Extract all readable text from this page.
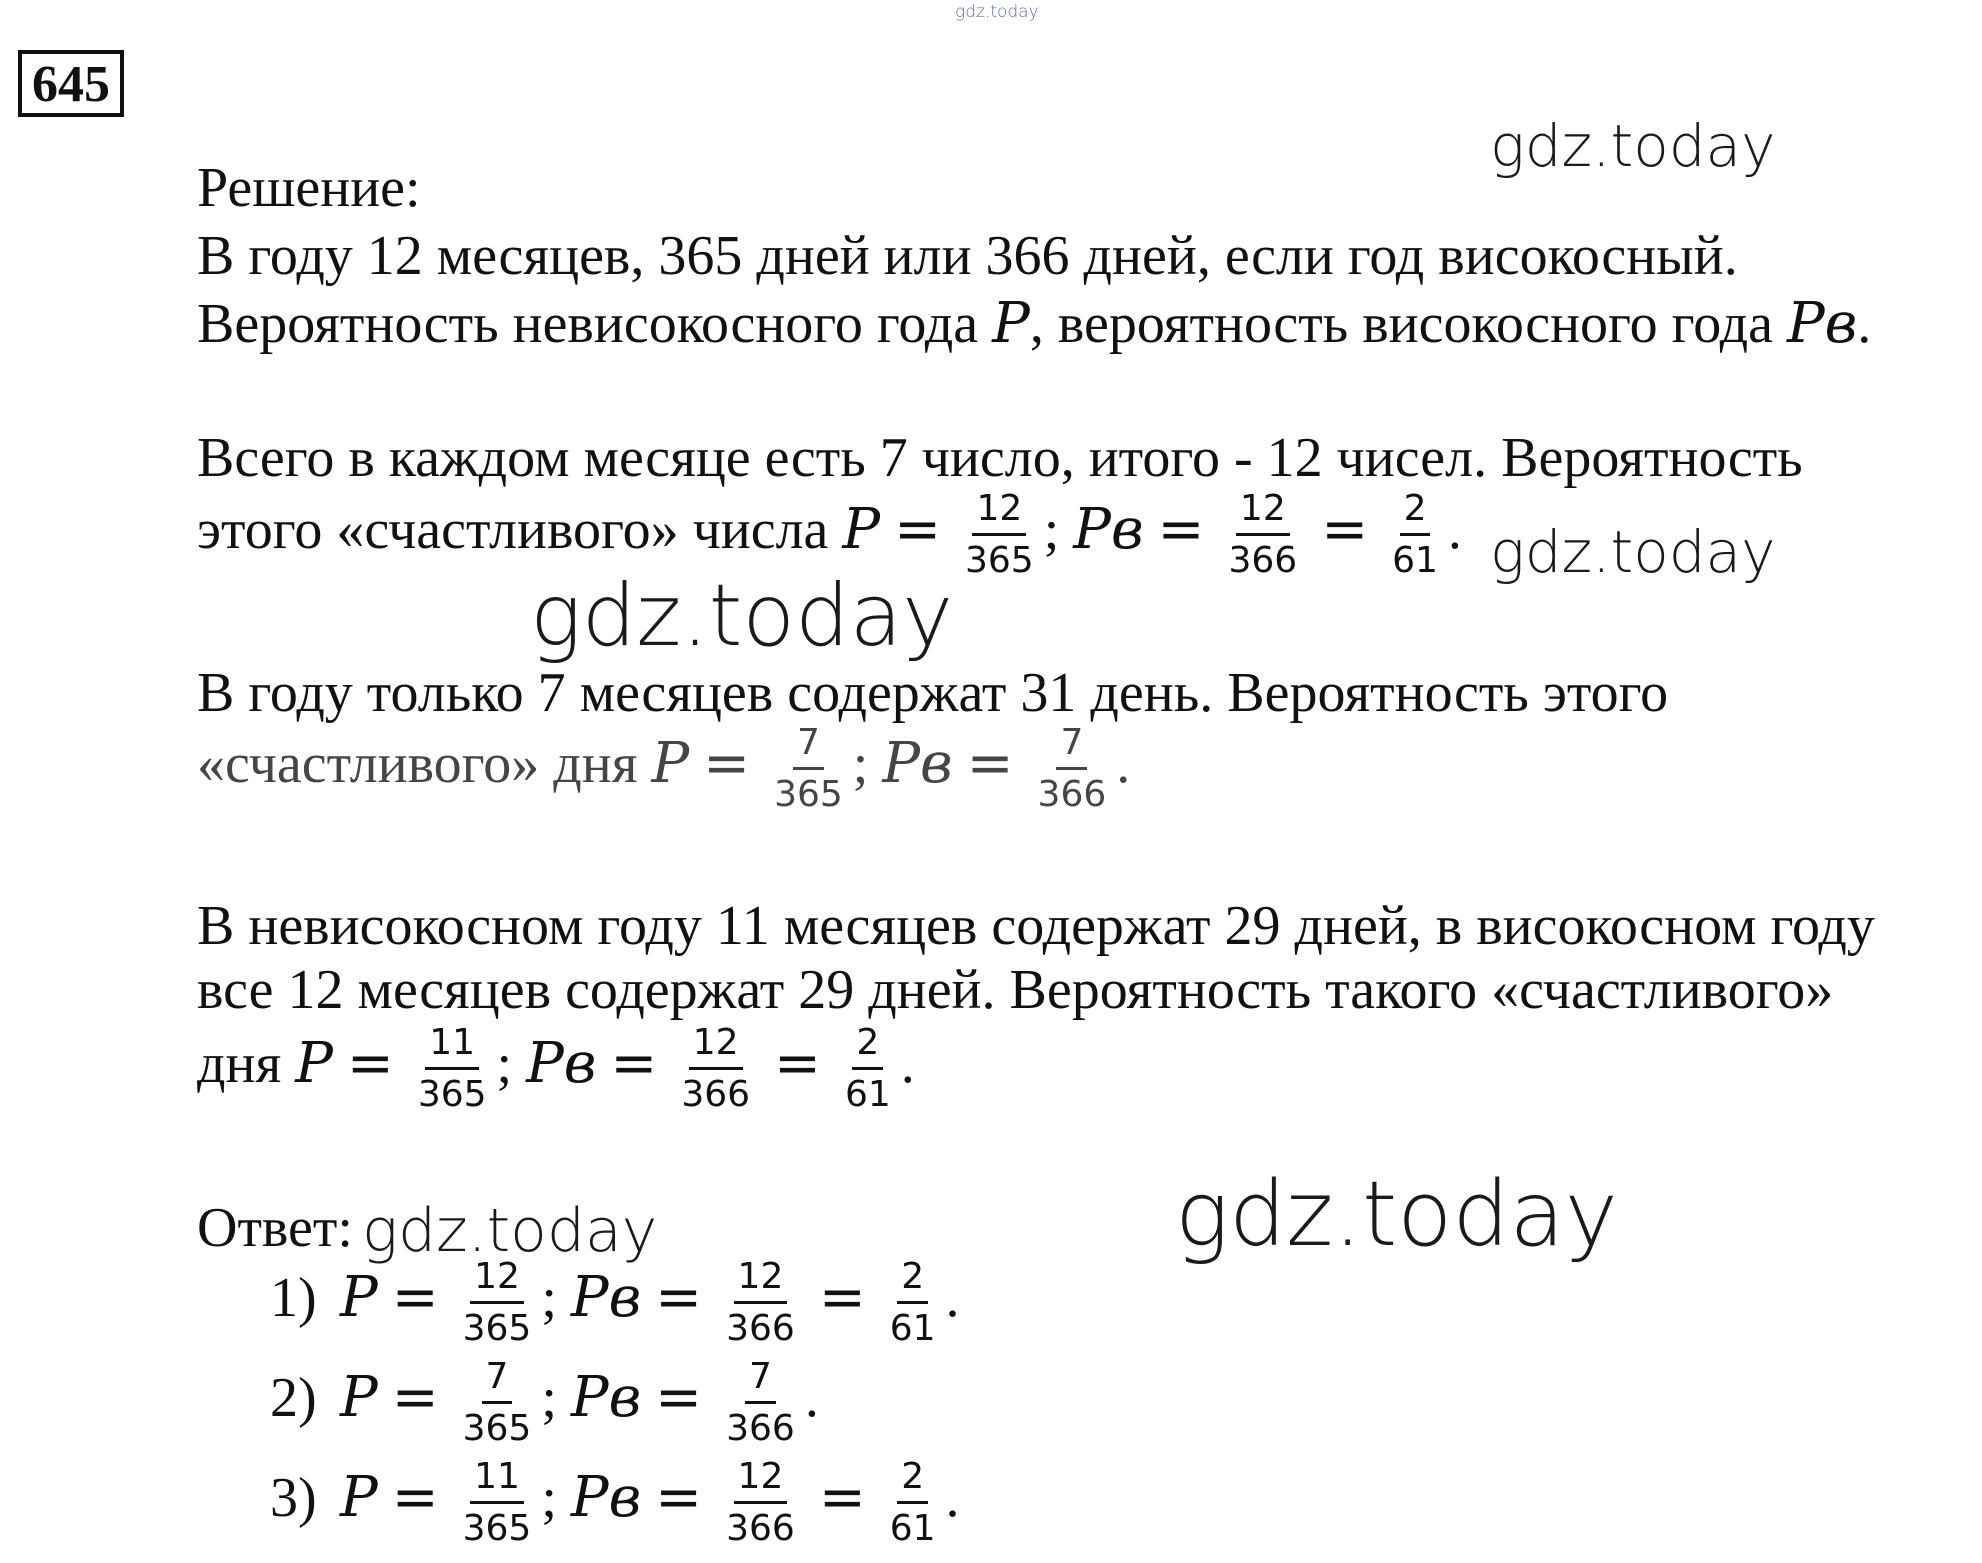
gdz.today
645
gdz.today
gdz.today
gdz.today
gdz.today
gdz.today
Решение:
В году 12 месяцев, 365 дней или 366 дней, если год високосный.
Вероятность невисокосного года P, вероятность високосного года Pв.
Всего в каждом месяце есть 7 число, итого - 12 чисел. Вероятность
этого «счастливого» числа $P = \frac{12}{365}$ ; Pв = $\frac{12}{366} = \frac{2}{61}$ .
В году только 7 месяцев содержат 31 день. Вероятность этого
«счастливого» дня $P = \frac{7}{365}$ ; Pв = $\frac{7}{366}$ .
В невисокосном году 11 месяцев содержат 29 дней, в високосном году
все 12 месяцев содержат 29 дней. Вероятность такого «счастливого»
дня $P = \frac{11}{365}$ ; Pв = $\frac{12}{366} = \frac{2}{61}$ .
Ответ:
1) $P = \frac{12}{365}$ ; Pв = $\frac{12}{366} = \frac{2}{61}$ .
2) $P = \frac{7}{365}$ ; Pв = $\frac{7}{366}$ .
3) $P = \frac{11}{365}$ ; Pв = $\frac{12}{366} = \frac{2}{61}$ .
